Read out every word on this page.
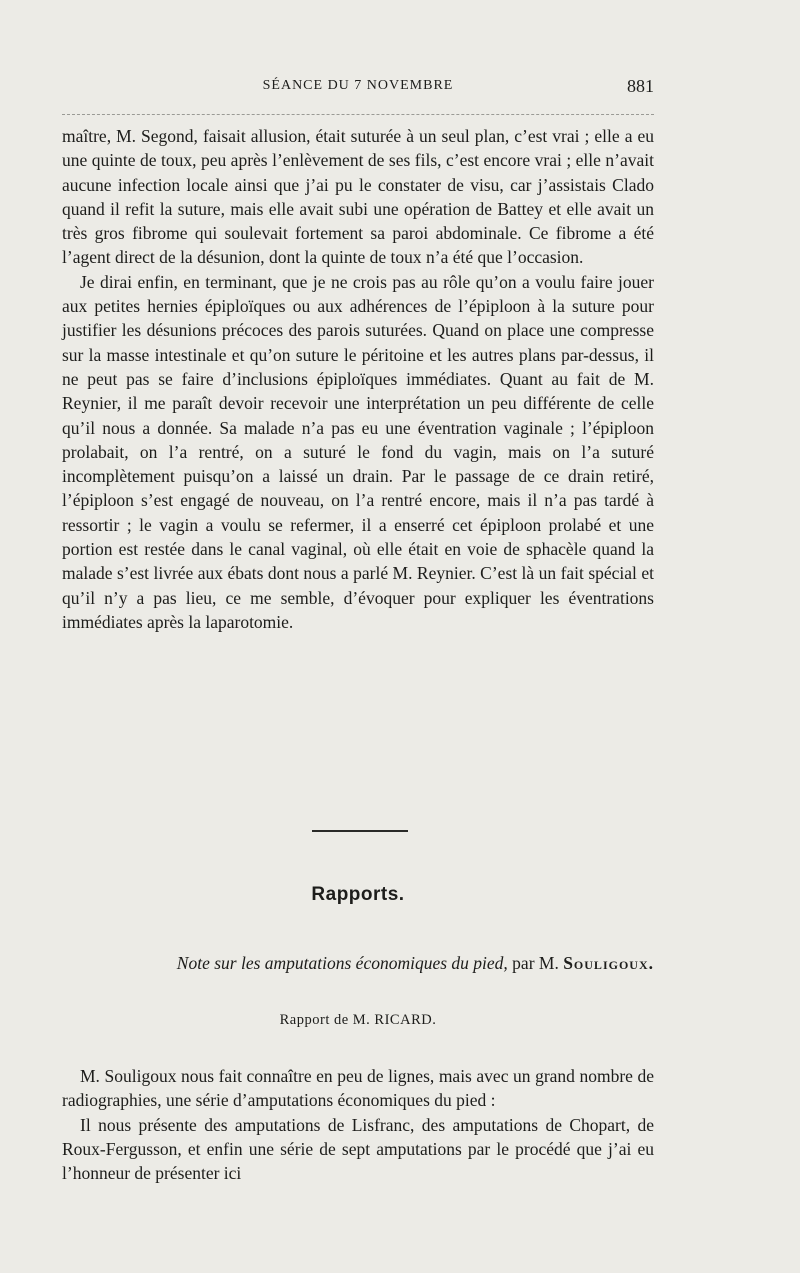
SÉANCE DU 7 NOVEMBRE	881

maître, M. Segond, faisait allusion, était suturée à un seul plan, c’est vrai ; elle a eu une quinte de toux, peu après l’enlèvement de ses fils, c’est encore vrai ; elle n’avait aucune infection locale ainsi que j’ai pu le constater de visu, car j’assistais Clado quand il refit la suture, mais elle avait subi une opération de Battey et elle avait un très gros fibrome qui soulevait fortement sa paroi abdominale. Ce fibrome a été l’agent direct de la désunion, dont la quinte de toux n’a été que l’occasion.

Je dirai enfin, en terminant, que je ne crois pas au rôle qu’on a voulu faire jouer aux petites hernies épiploïques ou aux adhérences de l’épiploon à la suture pour justifier les désunions précoces des parois suturées. Quand on place une compresse sur la masse intestinale et qu’on suture le péritoine et les autres plans par-dessus, il ne peut pas se faire d’inclusions épiploïques immédiates. Quant au fait de M. Reynier, il me paraît devoir recevoir une interprétation un peu différente de celle qu’il nous a donnée. Sa malade n’a pas eu une éventration vaginale ; l’épiploon prolabait, on l’a rentré, on a suturé le fond du vagin, mais on l’a suturé incomplètement puisqu’on a laissé un drain. Par le passage de ce drain retiré, l’épiploon s’est engagé de nouveau, on l’a rentré encore, mais il n’a pas tardé à ressortir ; le vagin a voulu se refermer, il a enserré cet épiploon prolabé et une portion est restée dans le canal vaginal, où elle était en voie de sphacèle quand la malade s’est livrée aux ébats dont nous a parlé M. Reynier. C’est là un fait spécial et qu’il n’y a pas lieu, ce me semble, d’évoquer pour expliquer les éventrations immédiates après la laparotomie.

Rapports.
Note sur les amputations économiques du pied, par M. Souligoux.
Rapport de M. RICARD.

M. Souligoux nous fait connaître en peu de lignes, mais avec un grand nombre de radiographies, une série d’amputations économiques du pied :

Il nous présente des amputations de Lisfranc, des amputations de Chopart, de Roux-Fergusson, et enfin une série de sept amputations par le procédé que j’ai eu l’honneur de présenter ici
